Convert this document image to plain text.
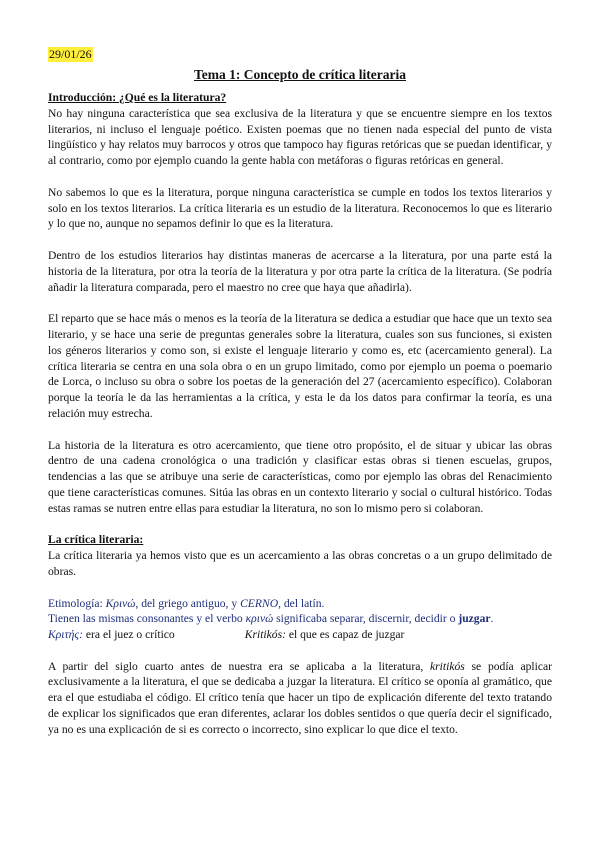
29/01/26
Tema 1: Concepto de crítica literaria
Introducción: ¿Qué es la literatura?

No hay ninguna característica que sea exclusiva de la literatura y que se encuentre siempre en los textos literarios, ni incluso el lenguaje poético. Existen poemas que no tienen nada especial del punto de vista lingüístico y hay relatos muy barrocos y otros que tampoco hay figuras retóricas que se puedan identificar, y al contrario, como por ejemplo cuando la gente habla con metáforas o figuras retóricas en general.

No sabemos lo que es la literatura, porque ninguna característica se cumple en todos los textos literarios y solo en los textos literarios. La crítica literaria es un estudio de la literatura. Reconocemos lo que es literario y lo que no, aunque no sepamos definir lo que es la literatura.

Dentro de los estudios literarios hay distintas maneras de acercarse a la literatura, por una parte está la historia de la literatura, por otra la teoría de la literatura y por otra parte la crítica de la literatura. (Se podría añadir la literatura comparada, pero el maestro no cree que haya que añadirla).

El reparto que se hace más o menos es la teoría de la literatura se dedica a estudiar que hace que un texto sea literario, y se hace una serie de preguntas generales sobre la literatura, cuales son sus funciones, si existen los géneros literarios y como son, si existe el lenguaje literario y como es, etc (acercamiento general). La crítica literaria se centra en una sola obra o en un grupo limitado, como por ejemplo un poema o poemario de Lorca, o incluso su obra o sobre los poetas de la generación del 27 (acercamiento específico). Colaboran porque la teoría le da las herramientas a la crítica, y esta le da los datos para confirmar la teoría, es una relación muy estrecha.

La historia de la literatura es otro acercamiento, que tiene otro propósito, el de situar y ubicar las obras dentro de una cadena cronológica o una tradición y clasificar estas obras si tienen escuelas, grupos, tendencias a las que se atribuye una serie de características, como por ejemplo las obras del Renacimiento que tiene características comunes. Sitúa las obras en un contexto literario y social o cultural histórico. Todas estas ramas se nutren entre ellas para estudiar la literatura, no son lo mismo pero si colaboran.

La crítica literaria:

La crítica literaria ya hemos visto que es un acercamiento a las obras concretas o a un grupo delimitado de obras.

Etimología: Κρινώ, del griego antiguo, y CERNO, del latín.
Tienen las mismas consonantes y el verbo κρινώ significaba separar, discernir, decidir o juzgar.
Κριτής: era el juez o crítico	Kritikós: el que es capaz de juzgar

A partir del siglo cuarto antes de nuestra era se aplicaba a la literatura, kritikós se podía aplicar exclusivamente a la literatura, el que se dedicaba a juzgar la literatura. El crítico se oponía al gramático, que era el que estudiaba el código. El crítico tenía que hacer un tipo de explicación diferente del texto tratando de explicar los significados que eran diferentes, aclarar los dobles sentidos o que quería decir el significado, ya no es una explicación de si es correcto o incorrecto, sino explicar lo que dice el texto.
